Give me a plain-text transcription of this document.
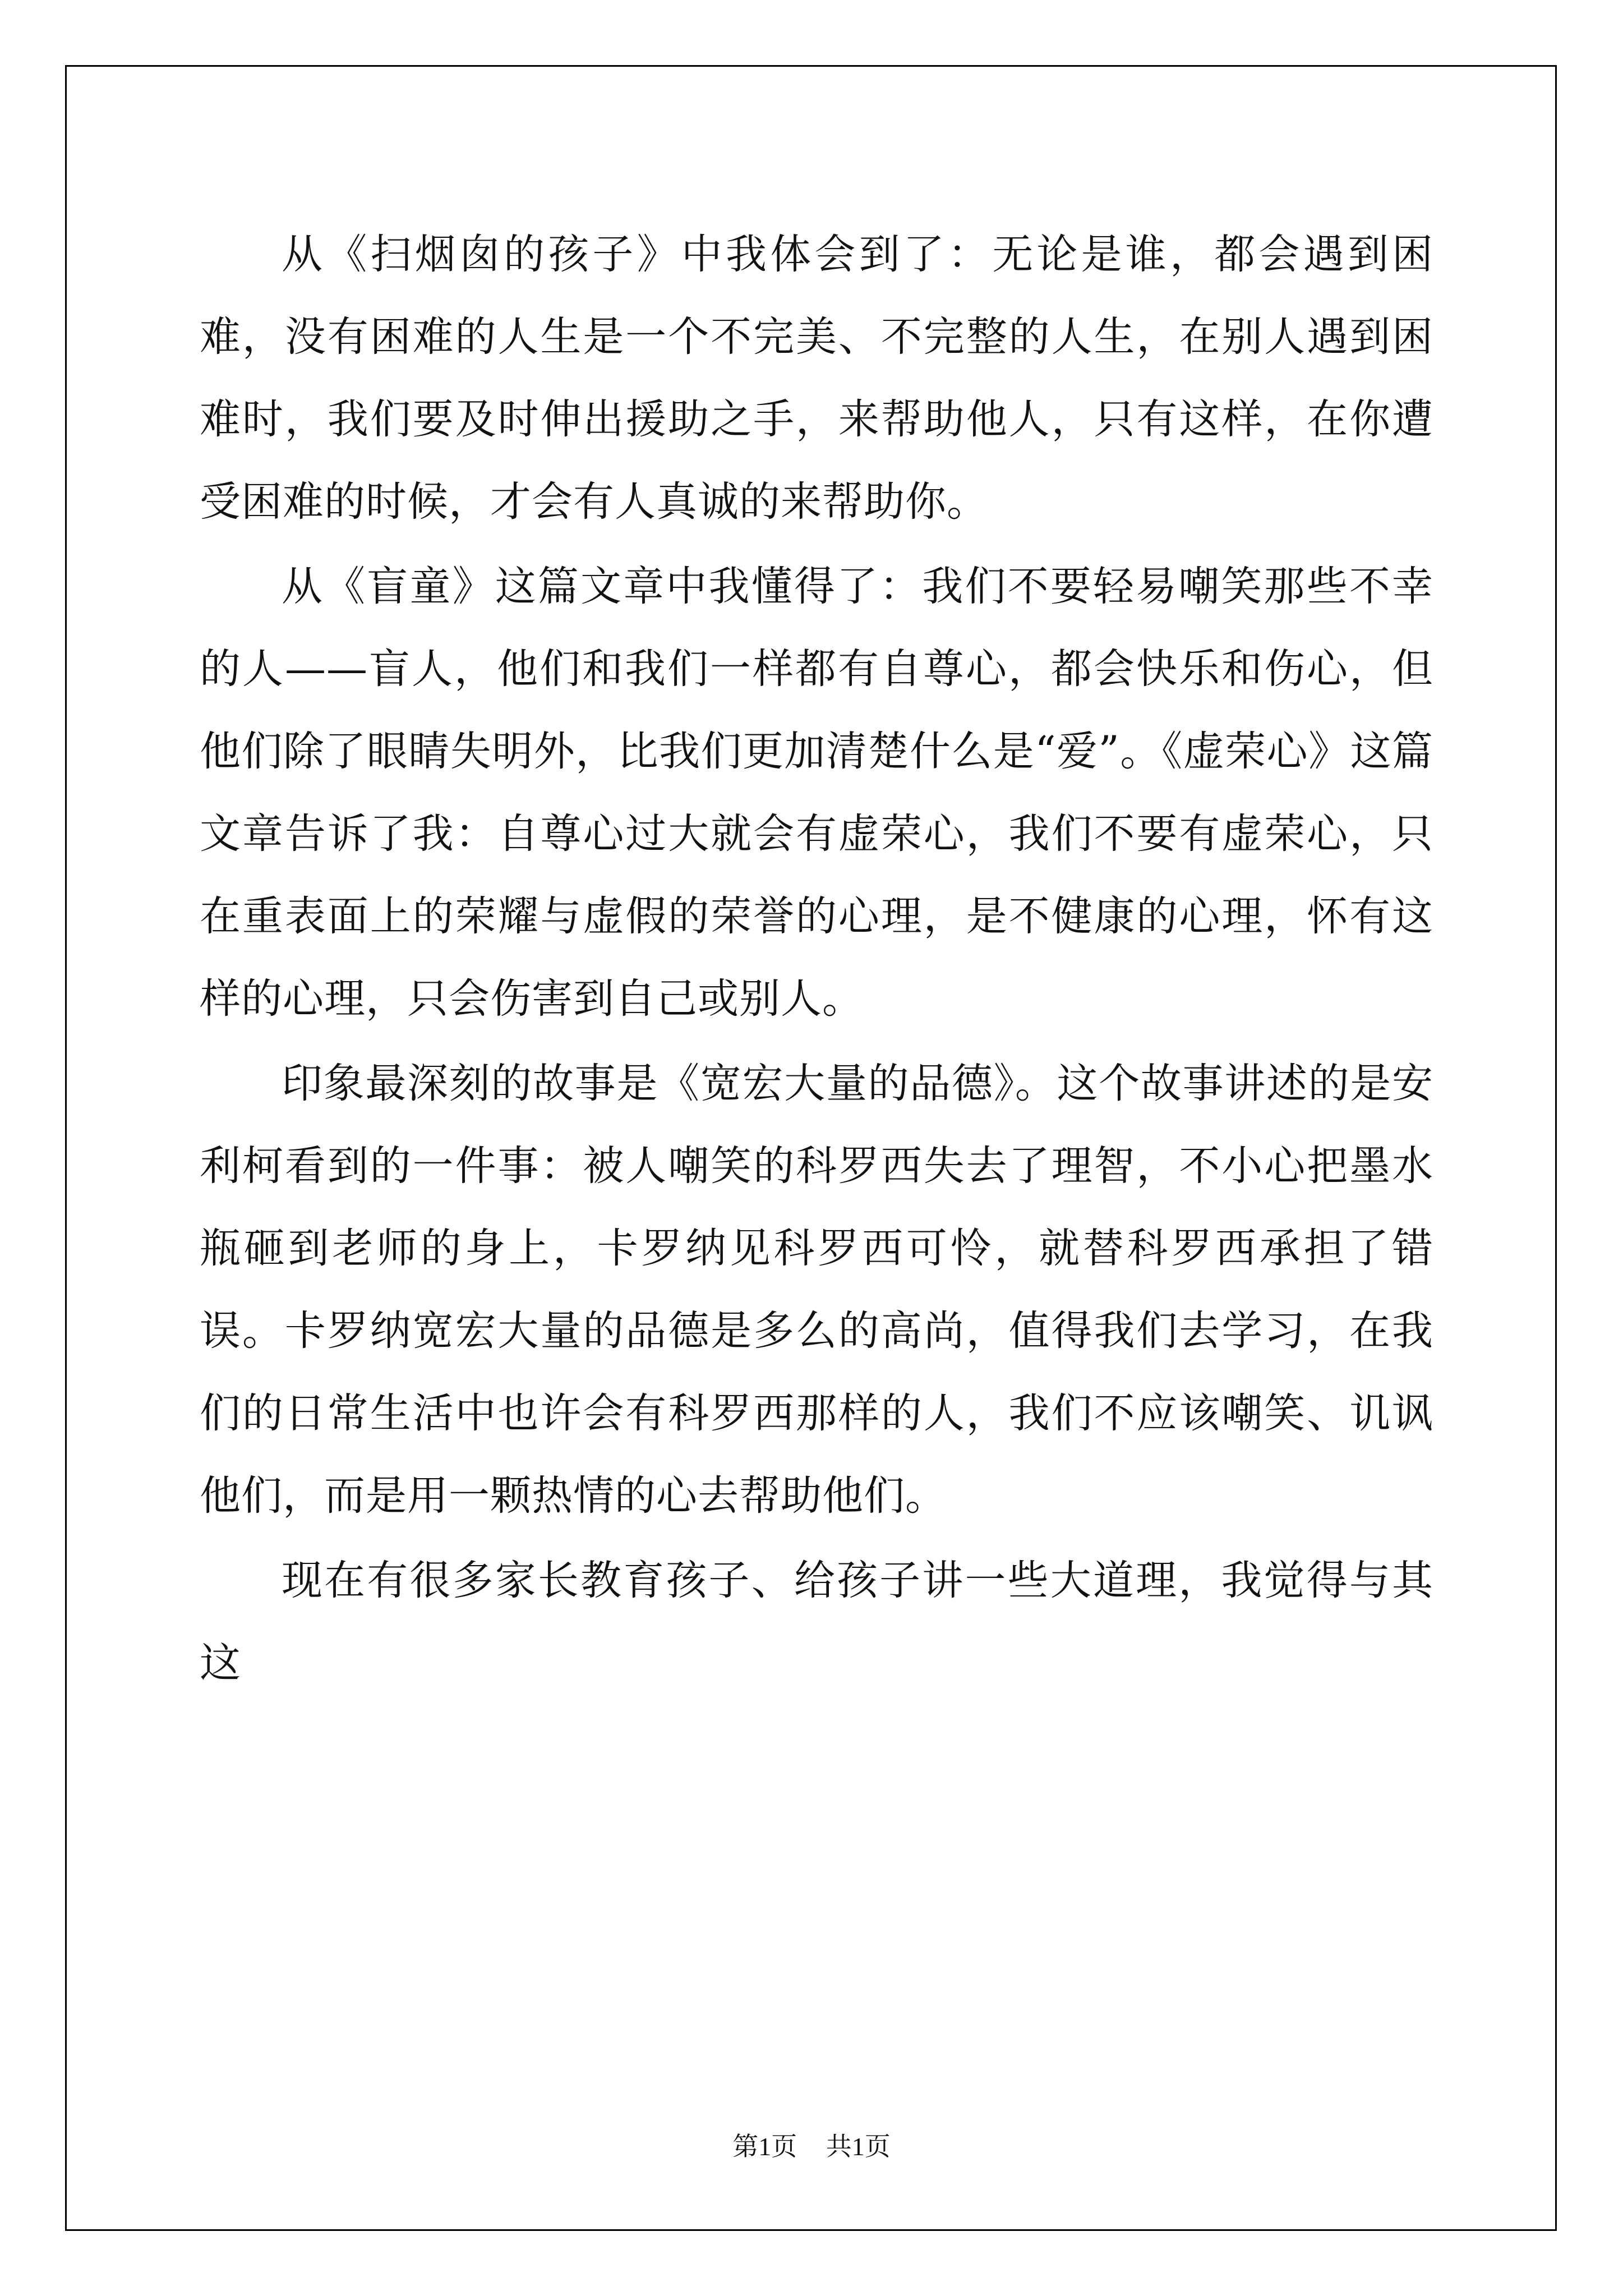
从《扫烟囱的孩子》中我体会到了：无论是谁，都会遇到困难，没有困难的人生是一个不完美、不完整的人生，在别人遇到困难时，我们要及时伸出援助之手，来帮助他人，只有这样，在你遭受困难的时候，才会有人真诚的来帮助你。

从《盲童》这篇文章中我懂得了：我们不要轻易嘲笑那些不幸的人——盲人，他们和我们一样都有自尊心，都会快乐和伤心，但他们除了眼睛失明外，比我们更加清楚什么是“爱”。《虚荣心》这篇文章告诉了我：自尊心过大就会有虚荣心，我们不要有虚荣心，只在重表面上的荣耀与虚假的荣誉的心理，是不健康的心理，怀有这样的心理，只会伤害到自己或别人。

印象最深刻的故事是《宽宏大量的品德》。这个故事讲述的是安利柯看到的一件事：被人嘲笑的科罗西失去了理智，不小心把墨水瓶砸到老师的身上，卡罗纳见科罗西可怜，就替科罗西承担了错误。卡罗纳宽宏大量的品德是多么的高尚，值得我们去学习，在我们的日常生活中也许会有科罗西那样的人，我们不应该嘲笑、讥讽他们，而是用一颗热情的心去帮助他们。

现在有很多家长教育孩子、给孩子讲一些大道理，我觉得与其这

第1页 共1页
